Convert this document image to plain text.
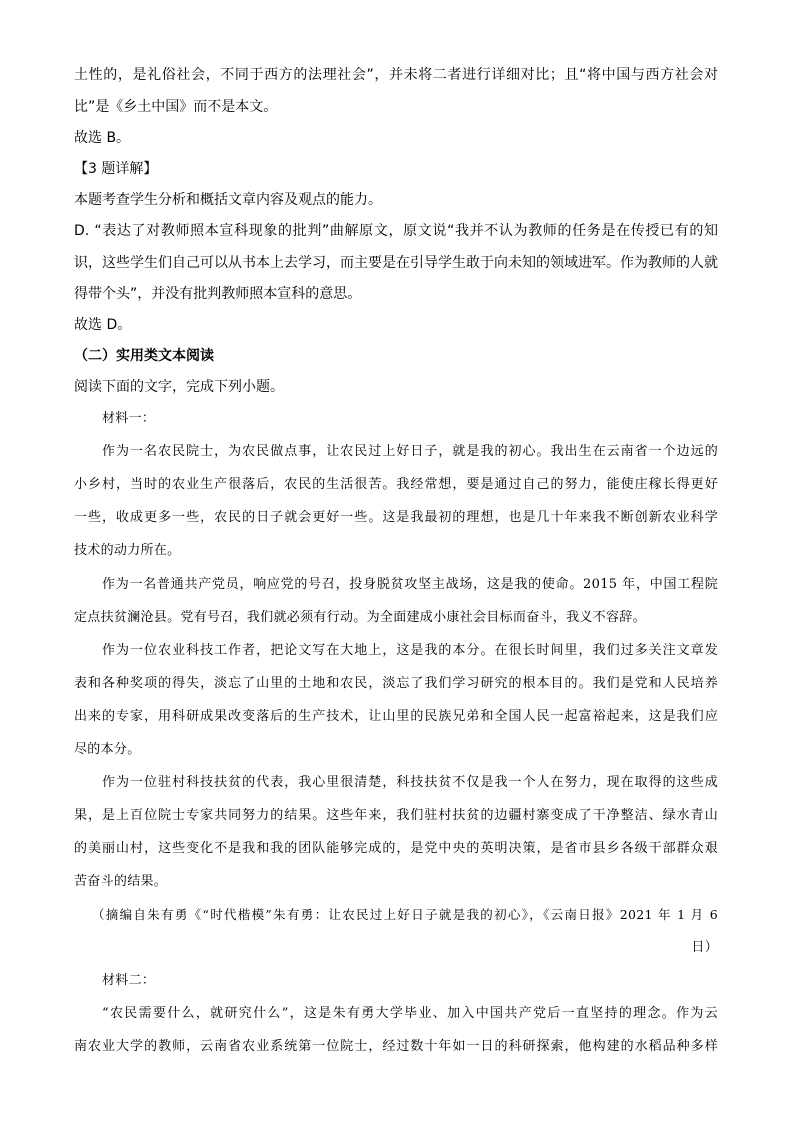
土性的，是礼俗社会，不同于西方的法理社会”，并未将二者进行详细对比；且“将中国与西方社会对
比”是《乡土中国》而不是本文。
故选 B。
【3 题详解】
本题考查学生分析和概括文章内容及观点的能力。
D. “表达了对教师照本宣科现象的批判”曲解原文，原文说“我并不认为教师的任务是在传授已有的知
识，这些学生们自己可以从书本上去学习，而主要是在引导学生敢于向未知的领域进军。作为教师的人就
得带个头”，并没有批判教师照本宣科的意思。
故选 D。
（二）实用类文本阅读
阅读下面的文字，完成下列小题。
材料一：
作为一名农民院士，为农民做点事，让农民过上好日子，就是我的初心。我出生在云南省一个边远的
小乡村，当时的农业生产很落后，农民的生活很苦。我经常想，要是通过自己的努力，能使庄稼长得更好
一些，收成更多一些，农民的日子就会更好一些。这是我最初的理想，也是几十年来我不断创新农业科学
技术的动力所在。
作为一名普通共产党员，响应党的号召，投身脱贫攻坚主战场，这是我的使命。2015 年，中国工程院
定点扶贫澜沧县。党有号召，我们就必须有行动。为全面建成小康社会目标而奋斗，我义不容辞。
作为一位农业科技工作者，把论文写在大地上，这是我的本分。在很长时间里，我们过多关注文章发
表和各种奖项的得失，淡忘了山里的土地和农民，淡忘了我们学习研究的根本目的。我们是党和人民培养
出来的专家，用科研成果改变落后的生产技术，让山里的民族兄弟和全国人民一起富裕起来，这是我们应
尽的本分。
作为一位驻村科技扶贫的代表，我心里很清楚，科技扶贫不仅是我一个人在努力，现在取得的这些成
果，是上百位院士专家共同努力的结果。这些年来，我们驻村扶贫的边疆村寨变成了干净整洁、绿水青山
的美丽山村，这些变化不是我和我的团队能够完成的，是党中央的英明决策，是省市县乡各级干部群众艰
苦奋斗的结果。
（摘编自朱有勇《“时代楷模”朱有勇：让农民过上好日子就是我的初心》，《云南日报》2021 年 1 月 6
日）
材料二：
“农民需要什么，就研究什么”，这是朱有勇大学毕业、加入中国共产党后一直坚持的理念。作为云
南农业大学的教师，云南省农业系统第一位院士，经过数十年如一日的科研探索，他构建的水稻品种多样
